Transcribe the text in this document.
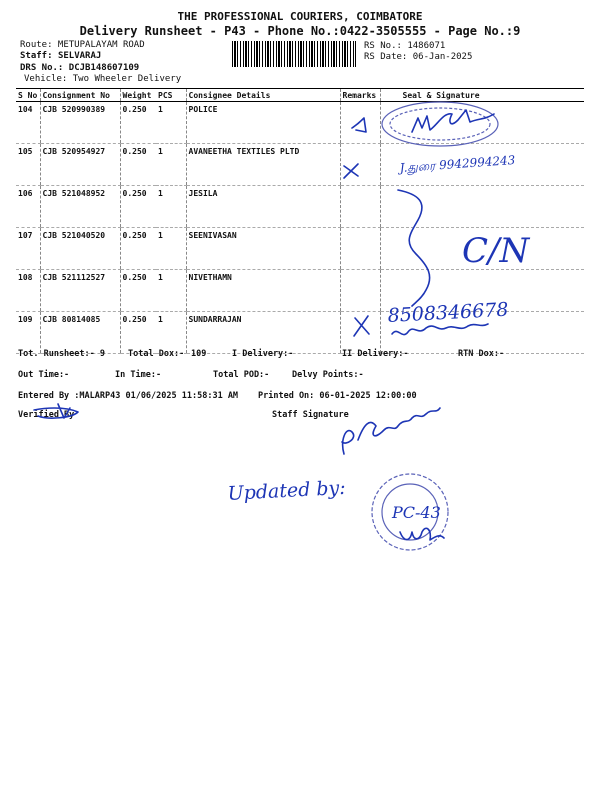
THE PROFESSIONAL COURIERS, COIMBATORE
Delivery Runsheet - P43 - Phone No.:0422-3505555 - Page No.:9
Route: METUPALAYAM ROAD
Staff: SELVARAJ
DRS No.: DCJB148607109
Vehicle: Two Wheeler Delivery
RS No.: 1486071
RS Date: 06-Jan-2025
S No	Consignment No	Weight	PCS	Consignee Details	Remarks	Seal & Signature
104	CJB 520990389	0.250	1	POLICE		
105	CJB 520954927	0.250	1	AVANEETHA TEXTILES PLTD		
106	CJB 521048952	0.250	1	JESILA		
107	CJB 521040520	0.250	1	SEENIVASAN		
108	CJB 521112527	0.250	1	NIVETHAMN		
109	CJB 80814085	0.250	1	SUNDARRAJAN		
Tot. Runsheet:- 9	Total Dox:- 109	I Delivery:-	II Delivery:-	RTN Dox:-
Out Time:-	In Time:-	Total POD:-	Delvy Points:-
Entered By :MALARP43 01/06/2025 11:58:31 AM Printed On: 06-01-2025 12:00:00
Verified By	Staff Signature
J.துரை 9942994243
C/N
8508346678
Updated by:
PC-43
